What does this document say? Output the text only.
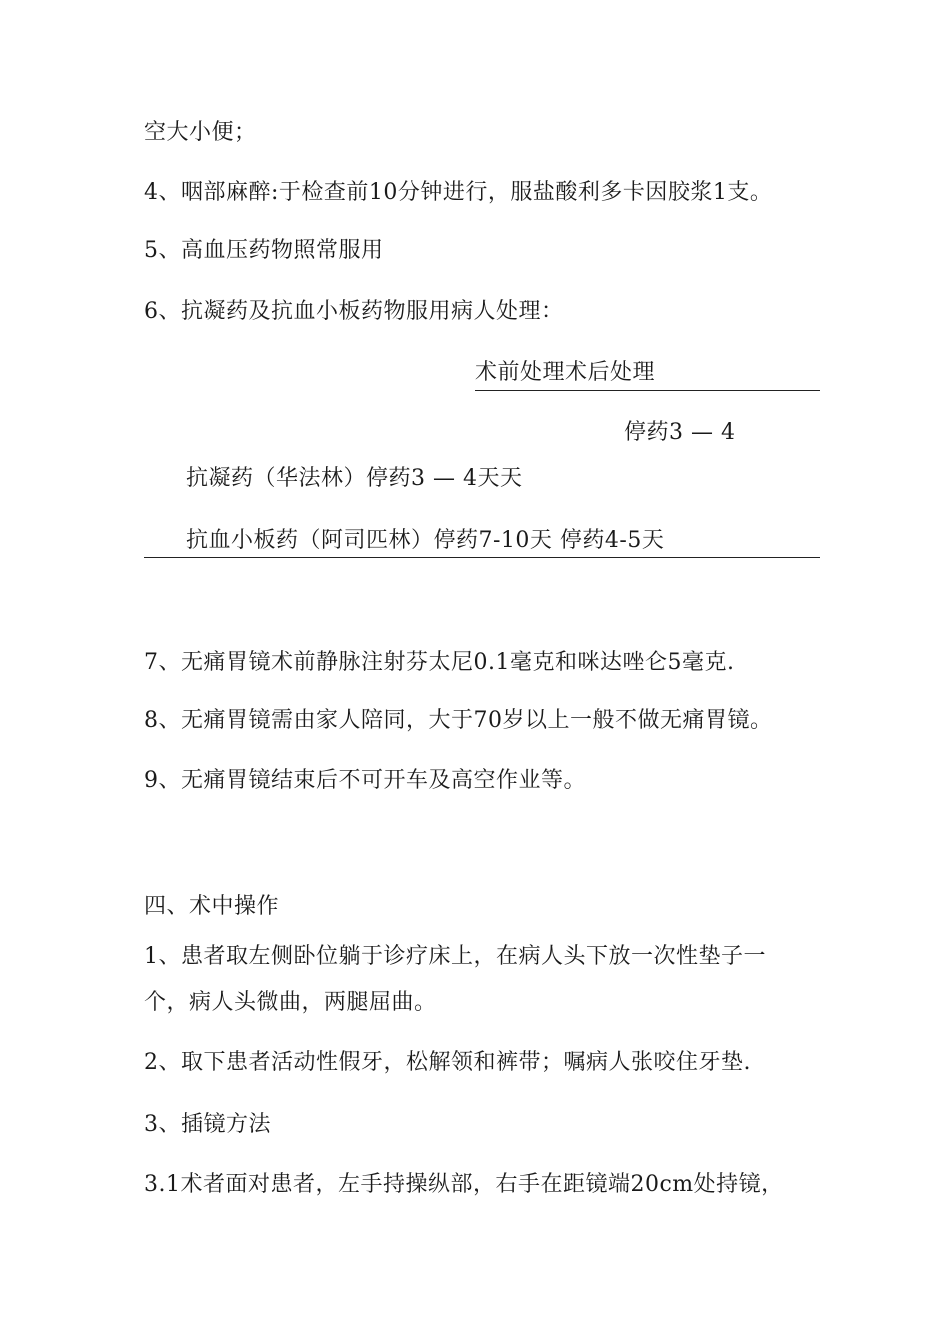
空大小便；
4、咽部麻醉:于检查前10分钟进行，服盐酸利多卡因胶浆1支。
5、高血压药物照常服用
6、抗凝药及抗血小板药物服用病人处理：
术前处理术后处理
停药3 — 4
抗凝药（华法林）停药3 — 4天天
抗血小板药（阿司匹林）停药7-10天 停药4-5天
7、无痛胃镜术前静脉注射芬太尼0.1毫克和咪达唑仑5毫克.
8、无痛胃镜需由家人陪同，大于70岁以上一般不做无痛胃镜。
9、无痛胃镜结束后不可开车及高空作业等。
四、术中操作
1、患者取左侧卧位躺于诊疗床上，在病人头下放一次性垫子一
个，病人头微曲，两腿屈曲。
2、取下患者活动性假牙，松解领和裤带；嘱病人张咬住牙垫.
3、插镜方法
3.1术者面对患者，左手持操纵部，右手在距镜端20cm处持镜，
